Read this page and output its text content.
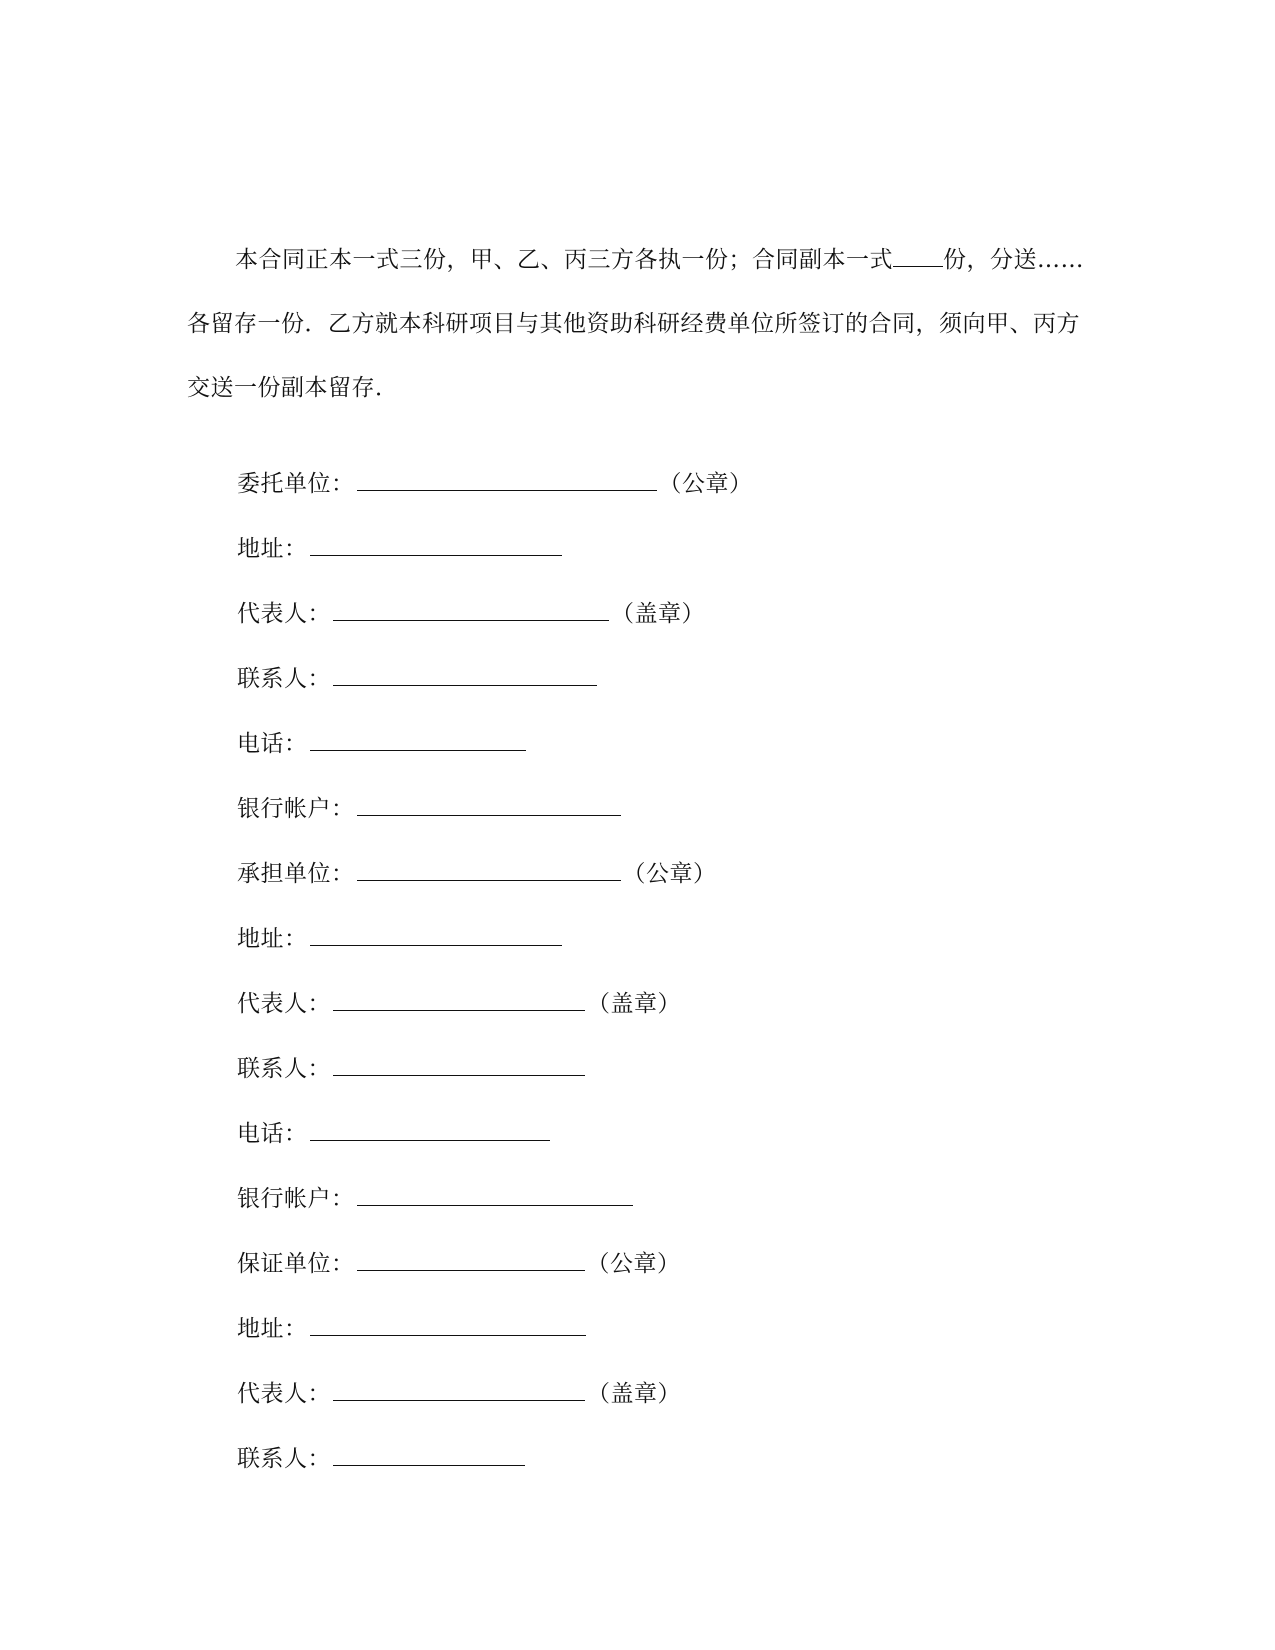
本合同正本一式三份，甲、乙、丙三方各执一份；合同副本一式 份，分送……各留存一份．乙方就本科研项目与其他资助科研经费单位所签订的合同，须向甲、丙方交送一份副本留存．

委托单位：	（公章）
地址：
代表人：	（盖章）
联系人：
电话：
银行帐户：
承担单位：	（公章）
地址：
代表人：	（盖章）
联系人：
电话：
银行帐户：
保证单位：	（公章）
地址：
代表人：	（盖章）
联系人：
